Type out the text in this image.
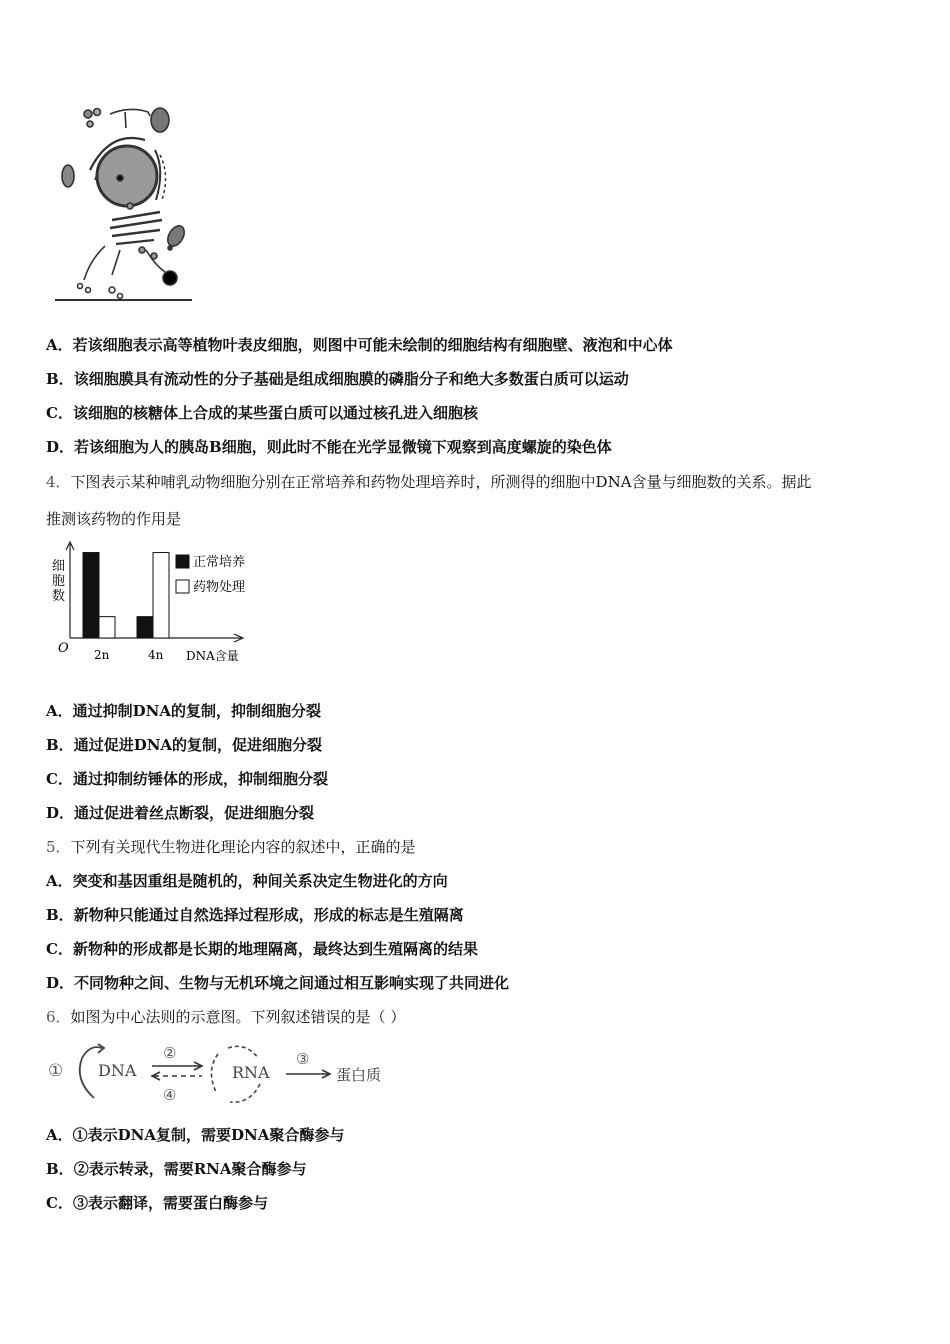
A．若该细胞表示高等植物叶表皮细胞，则图中可能未绘制的细胞结构有细胞壁、液泡和中心体
B．该细胞膜具有流动性的分子基础是组成细胞膜的磷脂分子和绝大多数蛋白质可以运动
C．该细胞的核糖体上合成的某些蛋白质可以通过核孔进入细胞核
D．若该细胞为人的胰岛B细胞，则此时不能在光学显微镜下观察到高度螺旋的染色体
4．下图表示某种哺乳动物细胞分别在正常培养和药物处理培养时，所测得的细胞中DNA含量与细胞数的关系。据此
推测该药物的作用是
细
胞
数
O 2n	4n DNA含量
正常培养
药物处理
A．通过抑制DNA的复制，抑制细胞分裂
B．通过促进DNA的复制，促进细胞分裂
C．通过抑制纺锤体的形成，抑制细胞分裂
D．通过促进着丝点断裂，促进细胞分裂
5．下列有关现代生物进化理论内容的叙述中，正确的是
A．突变和基因重组是随机的，种间关系决定生物进化的方向
B．新物种只能通过自然选择过程形成，形成的标志是生殖隔离
C．新物种的形成都是长期的地理隔离，最终达到生殖隔离的结果
D．不同物种之间、生物与无机环境之间通过相互影响实现了共同进化
6．如图为中心法则的示意图。下列叙述错误的是（ ）
① DNA
②
④
RNA
③
蛋白质
A．①表示DNA复制，需要DNA聚合酶参与
B．②表示转录，需要RNA聚合酶参与
C．③表示翻译，需要蛋白酶参与
